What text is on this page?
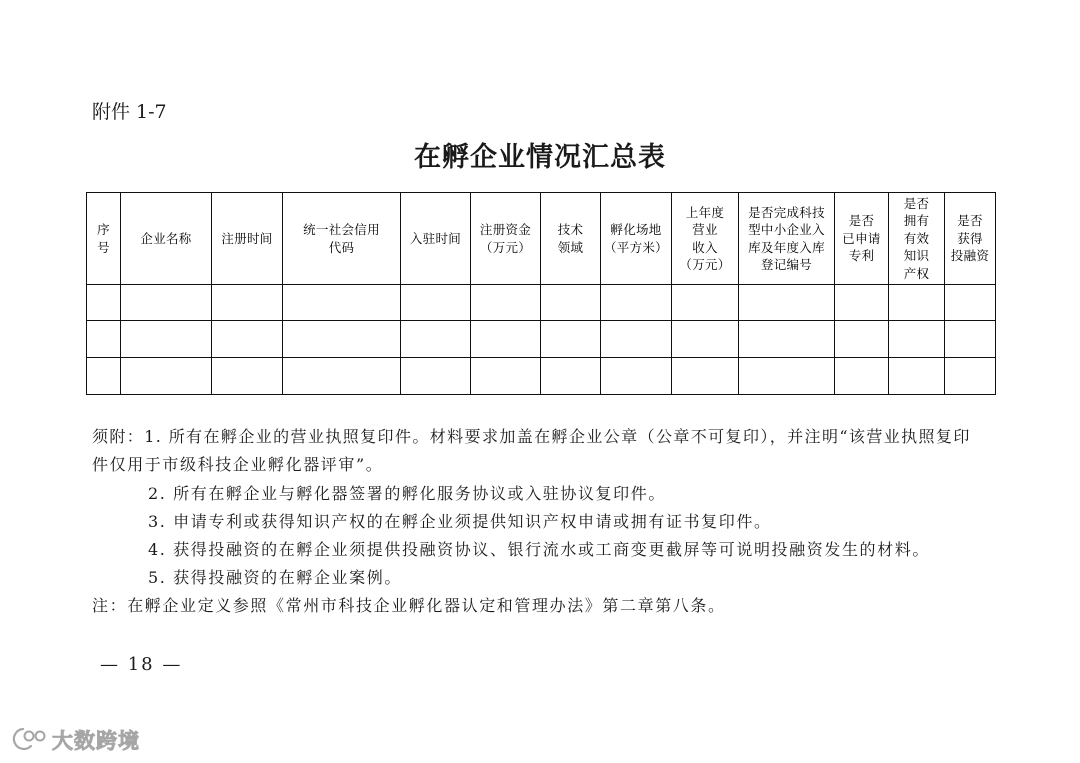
附件 1-7
在孵企业情况汇总表
序
号	企业名称	注册时间	统一社会信用
代码	入驻时间	注册资金
（万元）	技术
领域	孵化场地
（平方米）	上年度
营业
收入
（万元）	是否完成科技
型中小企业入
库及年度入库
登记编号	是否
已申请
专利	是否
拥有
有效
知识
产权	是否
获得
投融资

须附：1. 所有在孵企业的营业执照复印件。材料要求加盖在孵企业公章（公章不可复印），并注明“该营业执照复印
件仅用于市级科技企业孵化器评审”。
2. 所有在孵企业与孵化器签署的孵化服务协议或入驻协议复印件。
3. 申请专利或获得知识产权的在孵企业须提供知识产权申请或拥有证书复印件。
4. 获得投融资的在孵企业须提供投融资协议、银行流水或工商变更截屏等可说明投融资发生的材料。
5. 获得投融资的在孵企业案例。
注：在孵企业定义参照《常州市科技企业孵化器认定和管理办法》第二章第八条。
— 18 —
大数跨境
